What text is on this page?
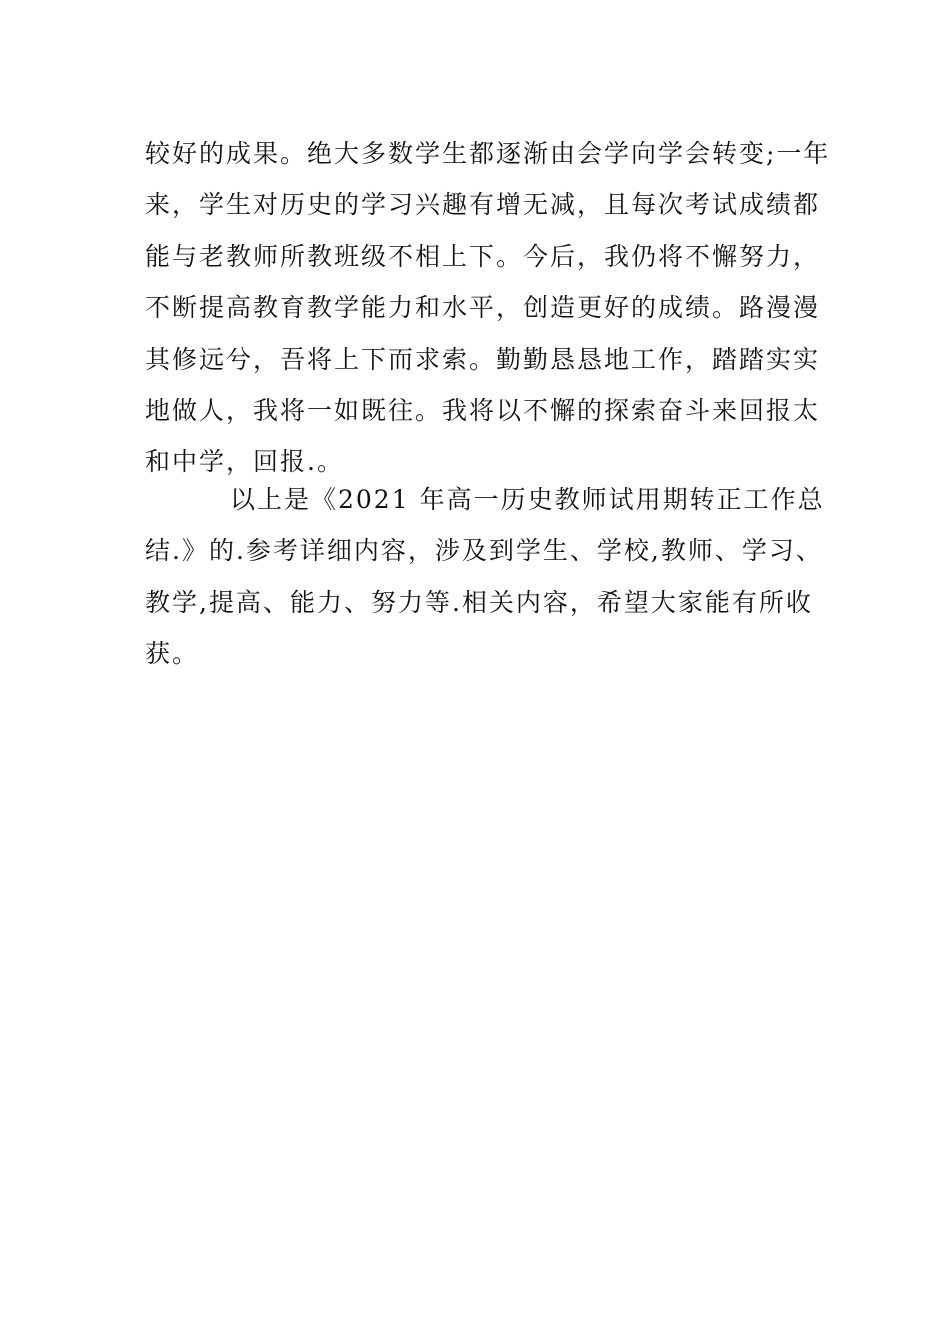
较好的成果。绝大多数学生都逐渐由会学向学会转变;一年
来，学生对历史的学习兴趣有增无减，且每次考试成绩都
能与老教师所教班级不相上下。今后，我仍将不懈努力，
不断提高教育教学能力和水平，创造更好的成绩。路漫漫
其修远兮，吾将上下而求索。勤勤恳恳地工作，踏踏实实
地做人，我将一如既往。我将以不懈的探索奋斗来回报太
和中学，回报.。
以上是《2021 年高一历史教师试用期转正工作总
结.》的.参考详细内容，涉及到学生、学校,教师、学习、
教学,提高、能力、努力等.相关内容，希望大家能有所收
获。
